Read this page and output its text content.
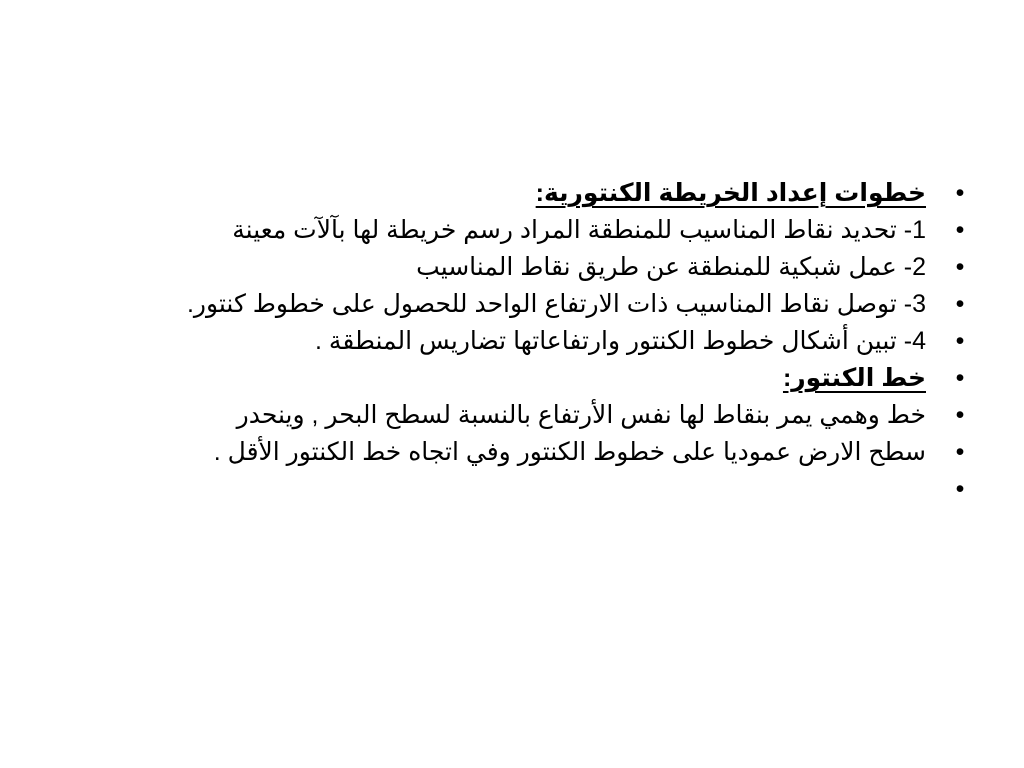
•
خطوات إعداد الخريطة الكنتورية:
•
1- تحديد نقاط المناسيب للمنطقة المراد رسم خريطة لها بآلآت معينة
•
2- عمل شبكية للمنطقة عن طريق نقاط المناسيب
•
3- توصل نقاط المناسيب ذات الارتفاع الواحد للحصول على خطوط كنتور.
•
4- تبين أشكال خطوط الكنتور وارتفاعاتها تضاريس المنطقة .
•
خط الكنتور:
•
خط وهمي يمر بنقاط لها نفس الأرتفاع بالنسبة لسطح البحر , وينحدر
•
سطح الارض عموديا على خطوط الكنتور وفي اتجاه خط الكنتور الأقل .
•
